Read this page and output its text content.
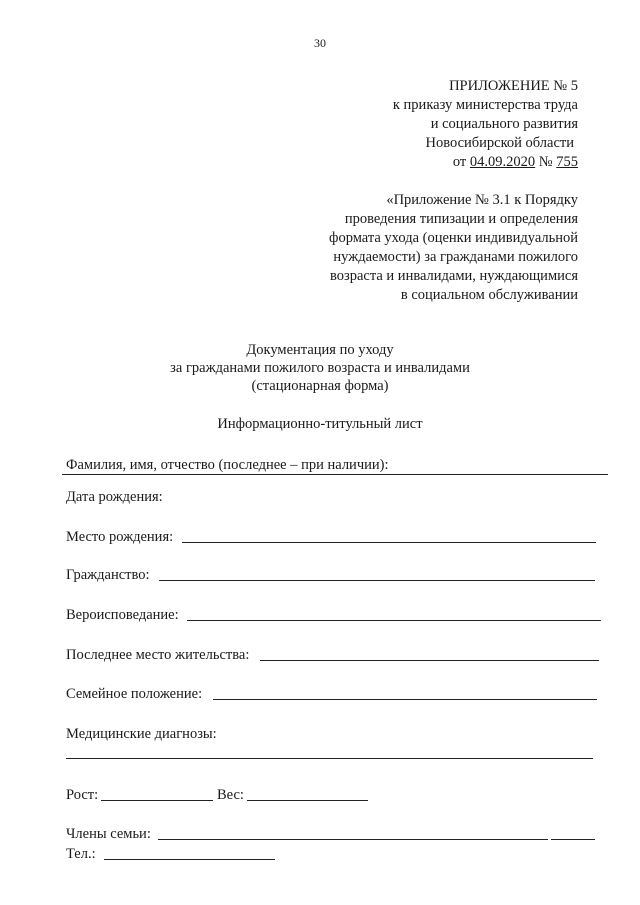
30
ПРИЛОЖЕНИЕ № 5
к приказу министерства труда
и социального развития
Новосибирской области
от 04.09.2020 № 755
«Приложение № 3.1 к Порядку
проведения типизации и определения
формата ухода (оценки индивидуальной
нуждаемости) за гражданами пожилого
возраста и инвалидами, нуждающимися
в социальном обслуживании
Документация по уходу
за гражданами пожилого возраста и инвалидами
(стационарная форма)
Информационно-титульный лист
Фамилия, имя, отчество (последнее – при наличии):
Дата рождения:
Место рождения:
Гражданство:
Вероисповедание:
Последнее место жительства:
Семейное положение:
Медицинские диагнозы:
Рост:	Вес:
Члены семьи:
Тел.:
